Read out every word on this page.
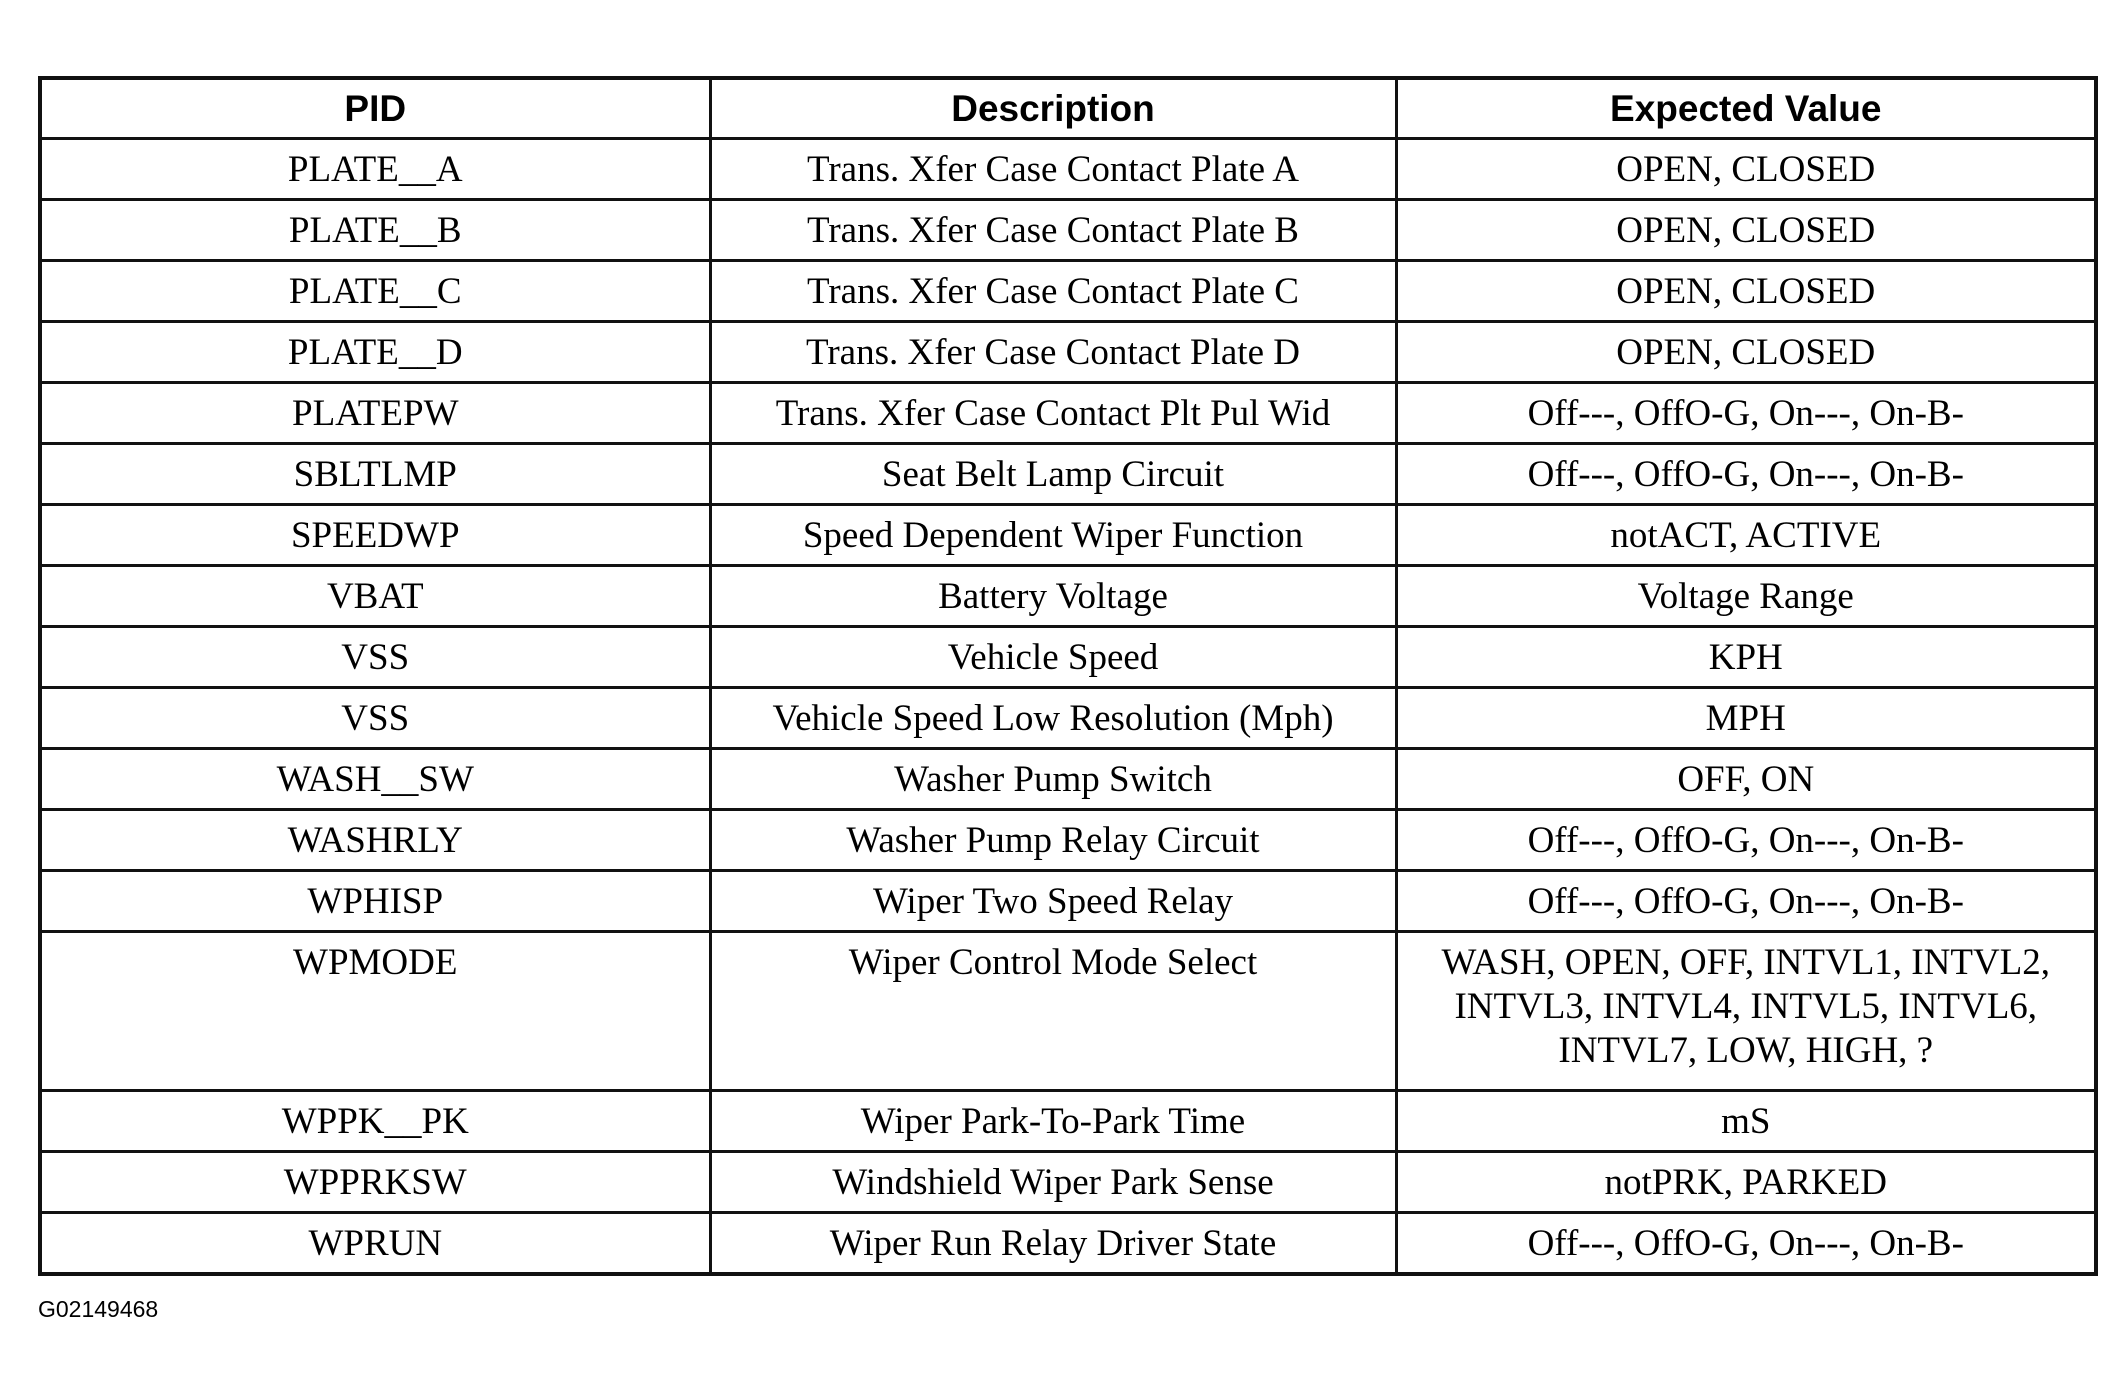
PID	Description	Expected Value
PLATE__A	Trans. Xfer Case Contact Plate A	OPEN, CLOSED
PLATE__B	Trans. Xfer Case Contact Plate B	OPEN, CLOSED
PLATE__C	Trans. Xfer Case Contact Plate C	OPEN, CLOSED
PLATE__D	Trans. Xfer Case Contact Plate D	OPEN, CLOSED
PLATEPW	Trans. Xfer Case Contact Plt Pul Wid	Off---, OffO-G, On---, On-B-
SBLTLMP	Seat Belt Lamp Circuit	Off---, OffO-G, On---, On-B-
SPEEDWP	Speed Dependent Wiper Function	notACT, ACTIVE
VBAT	Battery Voltage	Voltage Range
VSS	Vehicle Speed	KPH
VSS	Vehicle Speed Low Resolution (Mph)	MPH
WASH__SW	Washer Pump Switch	OFF, ON
WASHRLY	Washer Pump Relay Circuit	Off---, OffO-G, On---, On-B-
WPHISP	Wiper Two Speed Relay	Off---, OffO-G, On---, On-B-
WPMODE	Wiper Control Mode Select	WASH, OPEN, OFF, INTVL1, INTVL2, INTVL3, INTVL4, INTVL5, INTVL6, INTVL7, LOW, HIGH, ?
WPPK__PK	Wiper Park-To-Park Time	mS
WPPRKSW	Windshield Wiper Park Sense	notPRK, PARKED
WPRUN	Wiper Run Relay Driver State	Off---, OffO-G, On---, On-B-
G02149468
